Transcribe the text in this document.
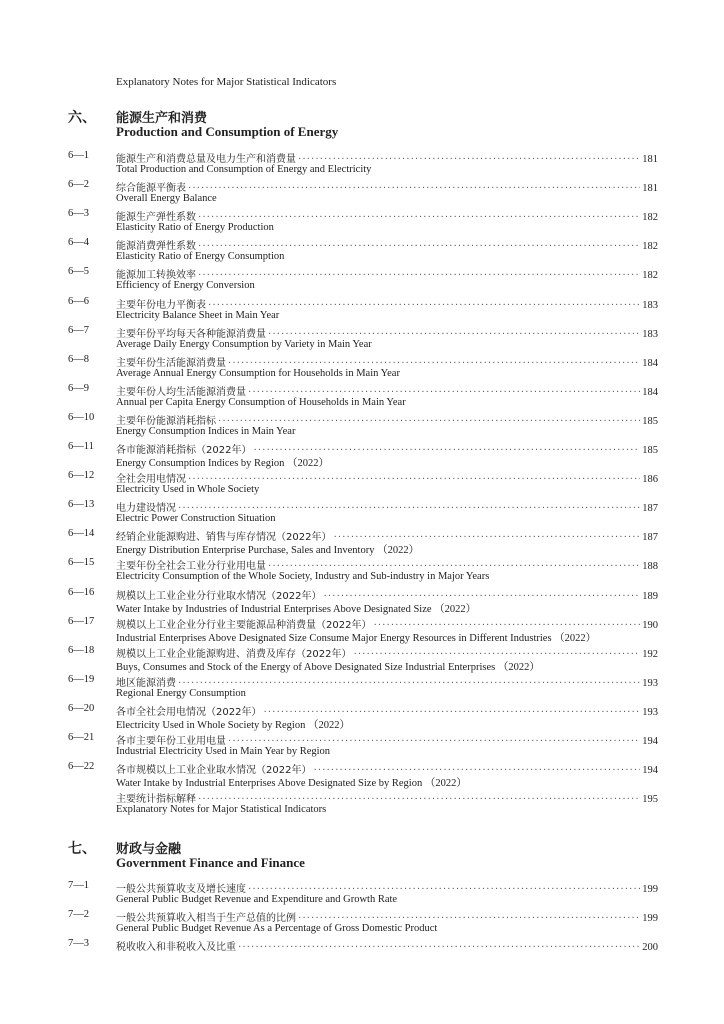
Explanatory Notes for Major Statistical Indicators
六、 能源生产和消费
Production and Consumption of Energy
6—1	能源生产和消费总量及电力生产和消费量 ·····	181
Total Production and Consumption of Energy and Electricity
6—2	综合能源平衡表 ·····	181
Overall Energy Balance
6—3	能源生产弹性系数 ·····	182
Elasticity Ratio of Energy Production
6—4	能源消费弹性系数 ·····	182
Elasticity Ratio of Energy Consumption
6—5	能源加工转换效率 ·····	182
Efficiency of Energy Conversion
6—6	主要年份电力平衡表 ·····	183
Electricity Balance Sheet in Main Year
6—7	主要年份平均每天各种能源消费量 ·····	183
Average Daily Energy Consumption by Variety in Main Year
6—8	主要年份生活能源消费量 ·····	184
Average Annual Energy Consumption for Households in Main Year
6—9	主要年份人均生活能源消费量 ·····	184
Annual per Capita Energy Consumption of Households in Main Year
6—10 主要年份能源消耗指标 ·····	185
Energy Consumption Indices in Main Year
6—11 各市能源消耗指标（2022年） ·····	185
Energy Consumption Indices by Region （2022）
6—12 全社会用电情况 ·····	186
Electricity Used in Whole Society
6—13 电力建设情况 ·····	187
Electric Power Construction Situation
6—14 经销企业能源购进、销售与库存情况（2022年） ·····	187
Energy Distribution Enterprise Purchase, Sales and Inventory （2022）
6—15 主要年份全社会工业分行业用电量 ·····	188
Electricity Consumption of the Whole Society, Industry and Sub-industry in Major Years
6—16 规模以上工业企业分行业取水情况（2022年） ·····	189
Water Intake by Industries of Industrial Enterprises Above Designated Size （2022）
6—17 规模以上工业企业分行业主要能源品种消费量（2022年） ·····	190
Industrial Enterprises Above Designated Size Consume Major Energy Resources in Different Industries （2022）
6—18 规模以上工业企业能源购进、消费及库存（2022年） ·····	192
Buys, Consumes and Stock of the Energy of Above Designated Size Industrial Enterprises （2022）
6—19 地区能源消费 ·····	193
Regional Energy Consumption
6—20 各市全社会用电情况（2022年） ·····	193
Electricity Used in Whole Society by Region （2022）
6—21 各市主要年份工业用电量 ·····	194
Industrial Electricity Used in Main Year by Region
6—22 各市规模以上工业企业取水情况（2022年） ·····	194
Water Intake by Industrial Enterprises Above Designated Size by Region （2022）
主要统计指标解释 ·····	195
Explanatory Notes for Major Statistical Indicators
七、 财政与金融
Government Finance and Finance
7—1	一般公共预算收支及增长速度 ·····	199
General Public Budget Revenue and Expenditure and Growth Rate
7—2	一般公共预算收入相当于生产总值的比例 ·····	199
General Public Budget Revenue As a Percentage of Gross Domestic Product
7—3	税收收入和非税收入及比重 ·····	200
